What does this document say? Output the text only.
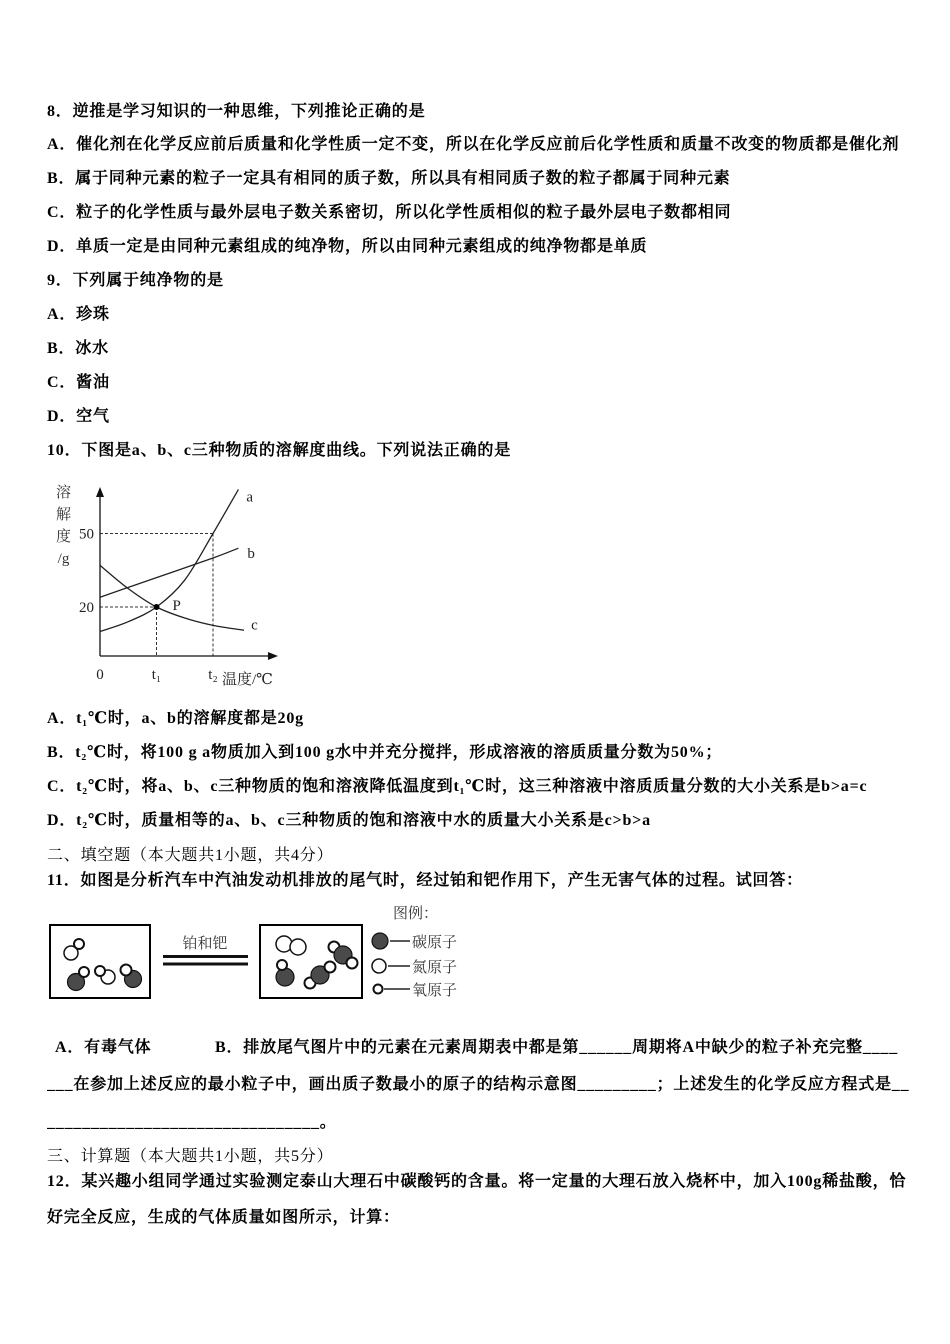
8．逆推是学习知识的一种思维，下列推论正确的是
A．催化剂在化学反应前后质量和化学性质一定不变，所以在化学反应前后化学性质和质量不改变的物质都是催化剂
B．属于同种元素的粒子一定具有相同的质子数，所以具有相同质子数的粒子都属于同种元素
C．粒子的化学性质与最外层电子数关系密切，所以化学性质相似的粒子最外层电子数都相同
D．单质一定是由同种元素组成的纯净物，所以由同种元素组成的纯净物都是单质
9．下列属于纯净物的是
A．珍珠
B．冰水
C．酱油
D．空气
10．下图是a、b、c三种物质的溶解度曲线。下列说法正确的是
20
50
0	t₁	t₂ 温度/℃
a
b
c
P
溶解度/g
A．t₁℃时，a、b的溶解度都是20g
B．t₂℃时，将100 g a物质加入到100 g水中并充分搅拌，形成溶液的溶质质量分数为50%；
C．t₂℃时，将a、b、c三种物质的饱和溶液降低温度到t₁℃时，这三种溶液中溶质质量分数的大小关系是b>a=c
D．t₂℃时，质量相等的a、b、c三种物质的饱和溶液中水的质量大小关系是c>b>a
二、填空题（本大题共1小题，共4分）
11．如图是分析汽车中汽油发动机排放的尾气时，经过铂和钯作用下，产生无害气体的过程。试回答：
铂和钯
图例：
碳原子
氮原子
氧原子
A．有毒气体	B．排放尾气图片中的元素在元素周期表中都是第______周期将A中缺少的粒子补充完整____
___在参加上述反应的最小粒子中，画出质子数最小的原子的结构示意图_________；上述发生的化学反应方程式是__
_______________________________。
三、计算题（本大题共1小题，共5分）
12．某兴趣小组同学通过实验测定泰山大理石中碳酸钙的含量。将一定量的大理石放入烧杯中，加入100g稀盐酸，恰
好完全反应，生成的气体质量如图所示，计算：
